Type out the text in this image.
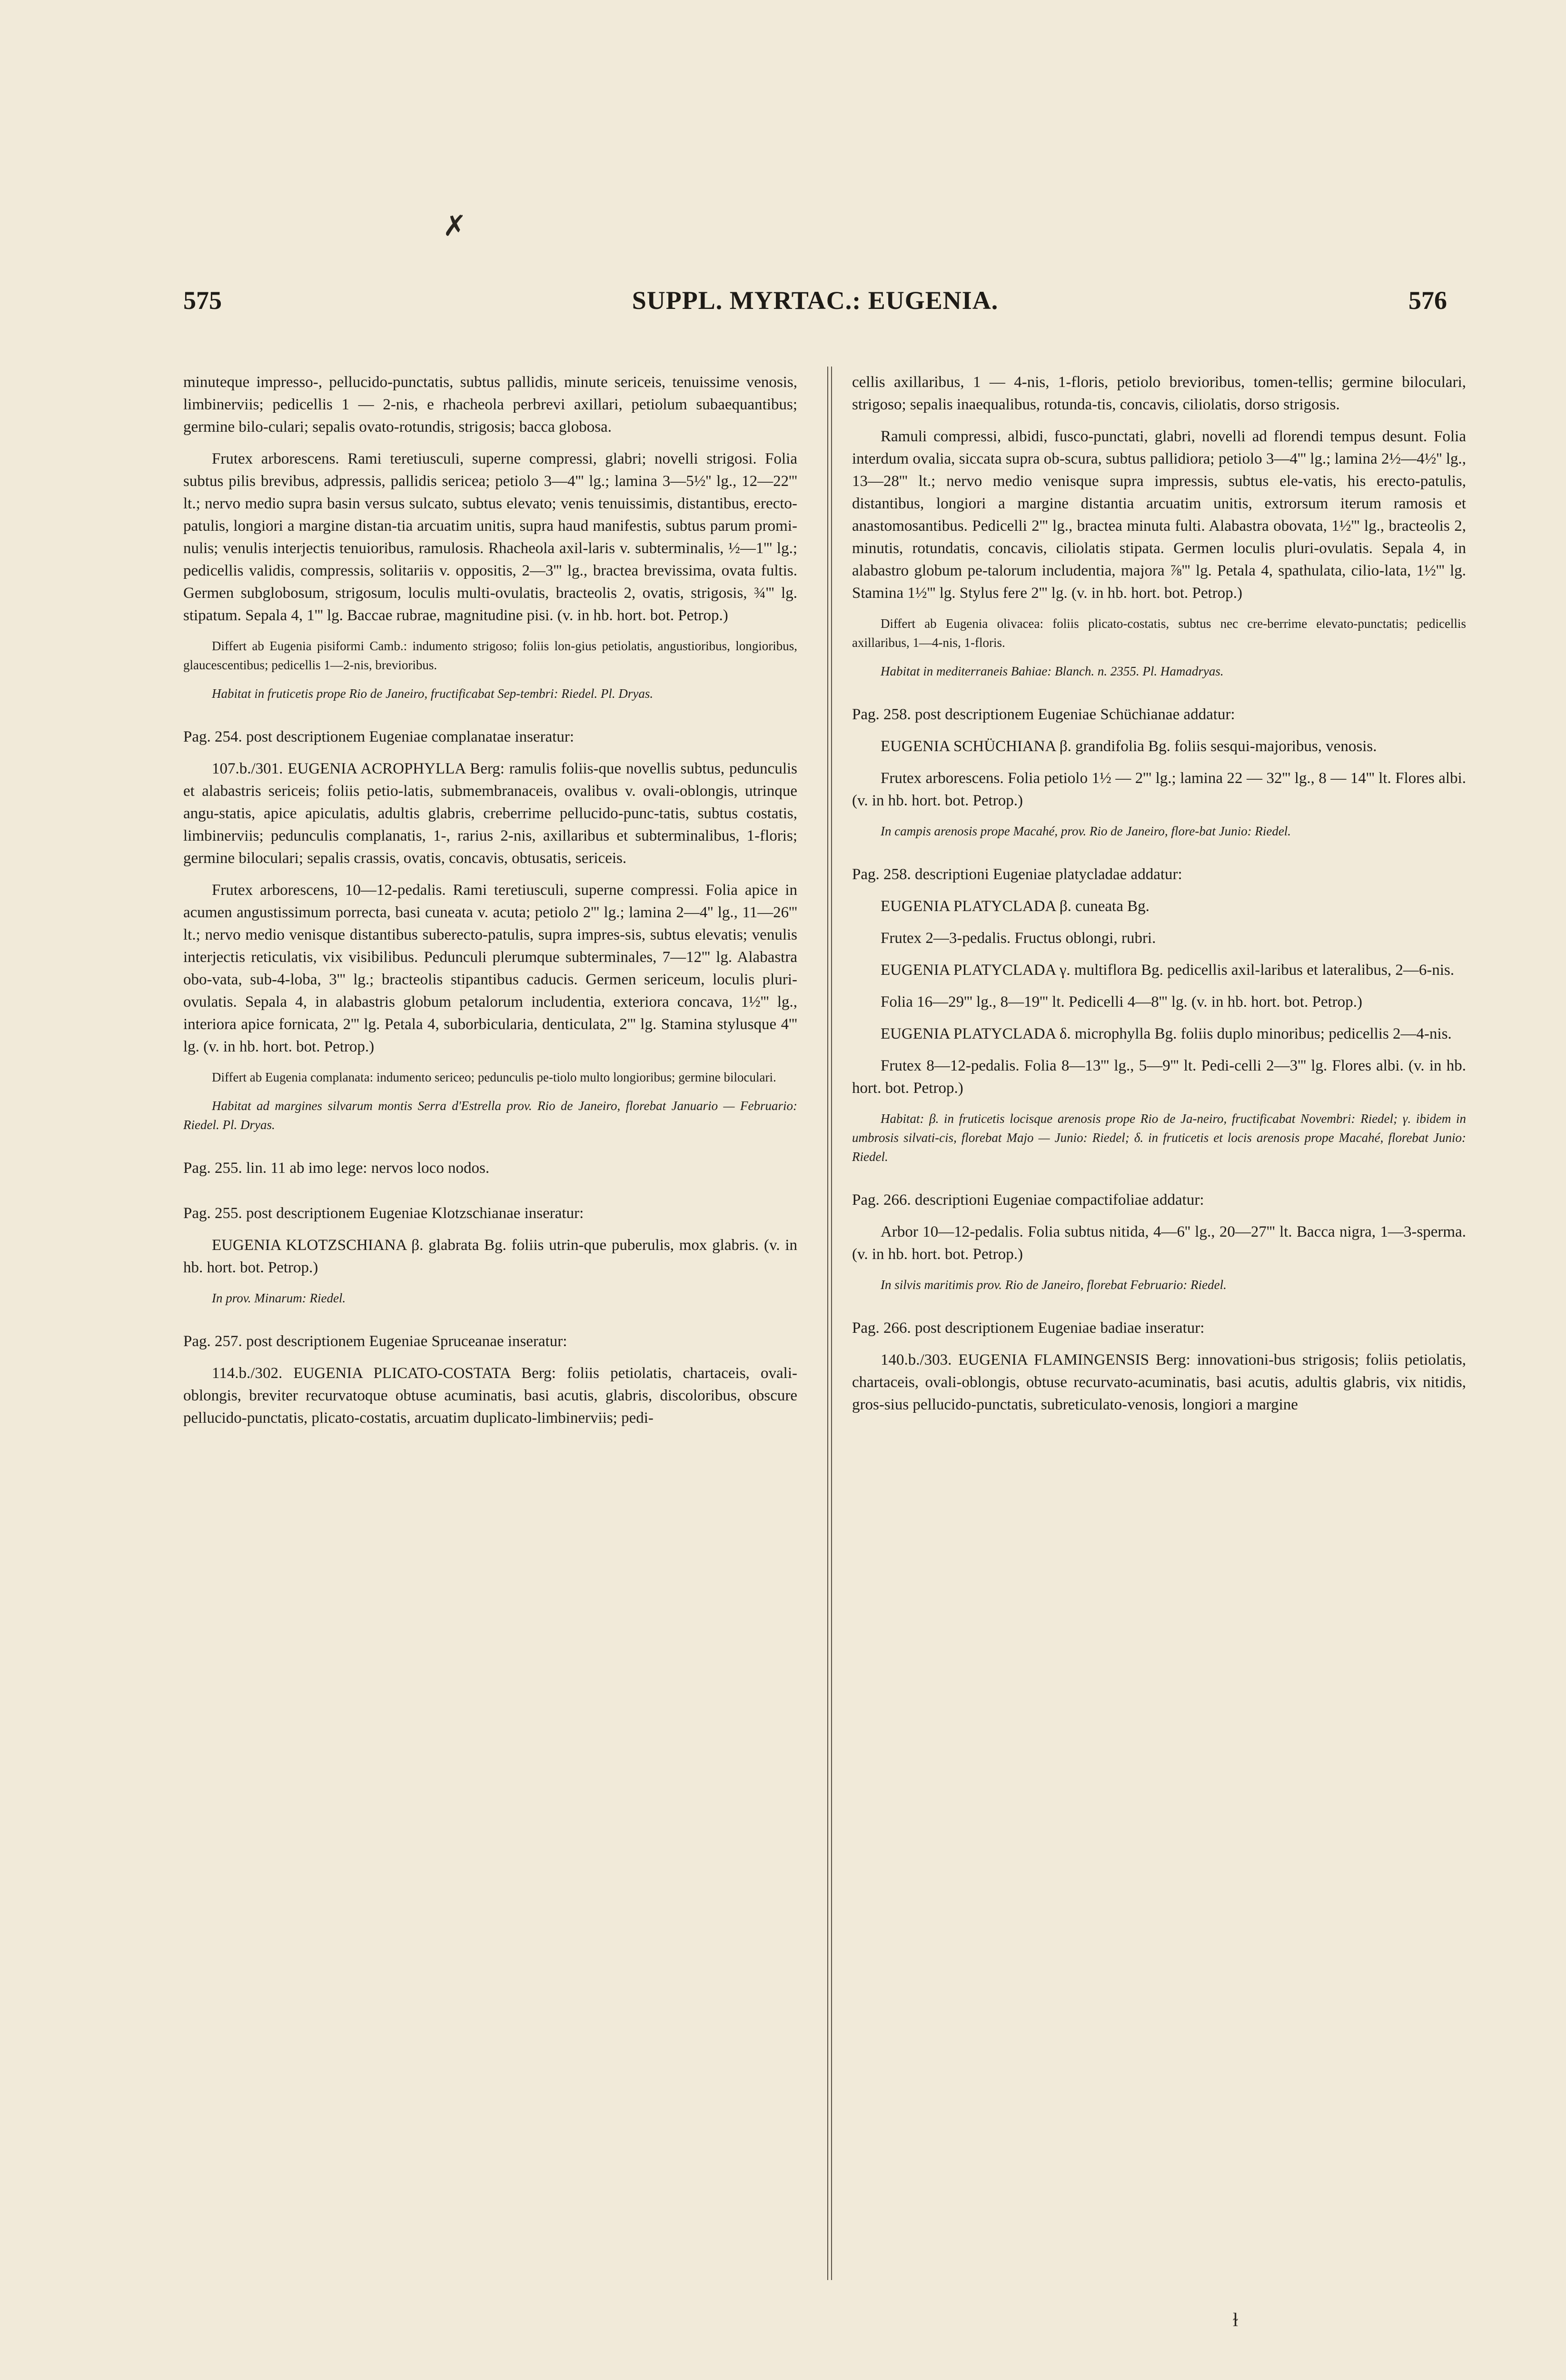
✗
575	SUPPL. MYRTAC.: EUGENIA.	576

minuteque impresso-, pellucido-punctatis, subtus pallidis, minute sericeis, tenuissime venosis, limbinerviis; pedicellis 1 — 2-nis, e rhacheola perbrevi axillari, petiolum subaequantibus; germine bilo-culari; sepalis ovato-rotundis, strigosis; bacca globosa.

Frutex arborescens. Rami teretiusculi, superne compressi, glabri; novelli strigosi. Folia subtus pilis brevibus, adpressis, pallidis sericea; petiolo 3—4''' lg.; lamina 3—5½'' lg., 12—22''' lt.; nervo medio supra basin versus sulcato, subtus elevato; venis tenuissimis, distantibus, erecto-patulis, longiori a margine distan-tia arcuatim unitis, supra haud manifestis, subtus parum promi-nulis; venulis interjectis tenuioribus, ramulosis. Rhacheola axil-laris v. subterminalis, ½—1''' lg.; pedicellis validis, compressis, solitariis v. oppositis, 2—3''' lg., bractea brevissima, ovata fultis. Germen subglobosum, strigosum, loculis multi-ovulatis, bracteolis 2, ovatis, strigosis, ¾''' lg. stipatum. Sepala 4, 1''' lg. Baccae rubrae, magnitudine pisi. (v. in hb. hort. bot. Petrop.)

Differt ab Eugenia pisiformi Camb.: indumento strigoso; foliis lon-gius petiolatis, angustioribus, longioribus, glaucescentibus; pedicellis 1—2-nis, brevioribus.

Habitat in fruticetis prope Rio de Janeiro, fructificabat Sep-tembri: Riedel. Pl. Dryas.

Pag. 254. post descriptionem Eugeniae complanatae inseratur:

107.b./301. EUGENIA ACROPHYLLA Berg: ramulis foliis-que novellis subtus, pedunculis et alabastris sericeis; foliis petio-latis, submembranaceis, ovalibus v. ovali-oblongis, utrinque angu-statis, apice apiculatis, adultis glabris, creberrime pellucido-punc-tatis, subtus costatis, limbinerviis; pedunculis complanatis, 1-, rarius 2-nis, axillaribus et subterminalibus, 1-floris; germine biloculari; sepalis crassis, ovatis, concavis, obtusatis, sericeis.

Frutex arborescens, 10—12-pedalis. Rami teretiusculi, superne compressi. Folia apice in acumen angustissimum porrecta, basi cuneata v. acuta; petiolo 2''' lg.; lamina 2—4'' lg., 11—26''' lt.; nervo medio venisque distantibus suberecto-patulis, supra impres-sis, subtus elevatis; venulis interjectis reticulatis, vix visibilibus. Pedunculi plerumque subterminales, 7—12''' lg. Alabastra obo-vata, sub-4-loba, 3''' lg.; bracteolis stipantibus caducis. Germen sericeum, loculis pluri-ovulatis. Sepala 4, in alabastris globum petalorum includentia, exteriora concava, 1½''' lg., interiora apice fornicata, 2''' lg. Petala 4, suborbicularia, denticulata, 2''' lg. Stamina stylusque 4''' lg. (v. in hb. hort. bot. Petrop.)

Differt ab Eugenia complanata: indumento sericeo; pedunculis pe-tiolo multo longioribus; germine biloculari.

Habitat ad margines silvarum montis Serra d'Estrella prov. Rio de Janeiro, florebat Januario — Februario: Riedel. Pl. Dryas.

Pag. 255. lin. 11 ab imo lege: nervos loco nodos.

Pag. 255. post descriptionem Eugeniae Klotzschianae inseratur:

EUGENIA KLOTZSCHIANA β. glabrata Bg. foliis utrin-que puberulis, mox glabris. (v. in hb. hort. bot. Petrop.)

In prov. Minarum: Riedel.

Pag. 257. post descriptionem Eugeniae Spruceanae inseratur:

114.b./302. EUGENIA PLICATO-COSTATA Berg: foliis petiolatis, chartaceis, ovali-oblongis, breviter recurvatoque obtuse acuminatis, basi acutis, glabris, discoloribus, obscure pellucido-punctatis, plicato-costatis, arcuatim duplicato-limbinerviis; pedi-

cellis axillaribus, 1 — 4-nis, 1-floris, petiolo brevioribus, tomen-tellis; germine biloculari, strigoso; sepalis inaequalibus, rotunda-tis, concavis, ciliolatis, dorso strigosis.

Ramuli compressi, albidi, fusco-punctati, glabri, novelli ad florendi tempus desunt. Folia interdum ovalia, siccata supra ob-scura, subtus pallidiora; petiolo 3—4''' lg.; lamina 2½—4½'' lg., 13—28''' lt.; nervo medio venisque supra impressis, subtus ele-vatis, his erecto-patulis, distantibus, longiori a margine distantia arcuatim unitis, extrorsum iterum ramosis et anastomosantibus. Pedicelli 2''' lg., bractea minuta fulti. Alabastra obovata, 1½''' lg., bracteolis 2, minutis, rotundatis, concavis, ciliolatis stipata. Germen loculis pluri-ovulatis. Sepala 4, in alabastro globum pe-talorum includentia, majora ⅞''' lg. Petala 4, spathulata, cilio-lata, 1½''' lg. Stamina 1½''' lg. Stylus fere 2''' lg. (v. in hb. hort. bot. Petrop.)

Differt ab Eugenia olivacea: foliis plicato-costatis, subtus nec cre-berrime elevato-punctatis; pedicellis axillaribus, 1—4-nis, 1-floris.

Habitat in mediterraneis Bahiae: Blanch. n. 2355. Pl. Hamadryas.

Pag. 258. post descriptionem Eugeniae Schüchianae addatur:

EUGENIA SCHÜCHIANA β. grandifolia Bg. foliis sesqui-majoribus, venosis.

Frutex arborescens. Folia petiolo 1½ — 2''' lg.; lamina 22 — 32''' lg., 8 — 14''' lt. Flores albi. (v. in hb. hort. bot. Petrop.)

In campis arenosis prope Macahé, prov. Rio de Janeiro, flore-bat Junio: Riedel.

Pag. 258. descriptioni Eugeniae platycladae addatur:

EUGENIA PLATYCLADA β. cuneata Bg.

Frutex 2—3-pedalis. Fructus oblongi, rubri.

EUGENIA PLATYCLADA γ. multiflora Bg. pedicellis axil-laribus et lateralibus, 2—6-nis.

Folia 16—29''' lg., 8—19''' lt. Pedicelli 4—8''' lg. (v. in hb. hort. bot. Petrop.)

EUGENIA PLATYCLADA δ. microphylla Bg. foliis duplo minoribus; pedicellis 2—4-nis.

Frutex 8—12-pedalis. Folia 8—13''' lg., 5—9''' lt. Pedi-celli 2—3''' lg. Flores albi. (v. in hb. hort. bot. Petrop.)

Habitat: β. in fruticetis locisque arenosis prope Rio de Ja-neiro, fructificabat Novembri: Riedel; γ. ibidem in umbrosis silvati-cis, florebat Majo — Junio: Riedel; δ. in fruticetis et locis arenosis prope Macahé, florebat Junio: Riedel.

Pag. 266. descriptioni Eugeniae compactifoliae addatur:

Arbor 10—12-pedalis. Folia subtus nitida, 4—6'' lg., 20—27''' lt. Bacca nigra, 1—3-sperma. (v. in hb. hort. bot. Petrop.)

In silvis maritimis prov. Rio de Janeiro, florebat Februario: Riedel.

Pag. 266. post descriptionem Eugeniae badiae inseratur:

140.b./303. EUGENIA FLAMINGENSIS Berg: innovationi-bus strigosis; foliis petiolatis, chartaceis, ovali-oblongis, obtuse recurvato-acuminatis, basi acutis, adultis glabris, vix nitidis, gros-sius pellucido-punctatis, subreticulato-venosis, longiori a margine

ɫ
